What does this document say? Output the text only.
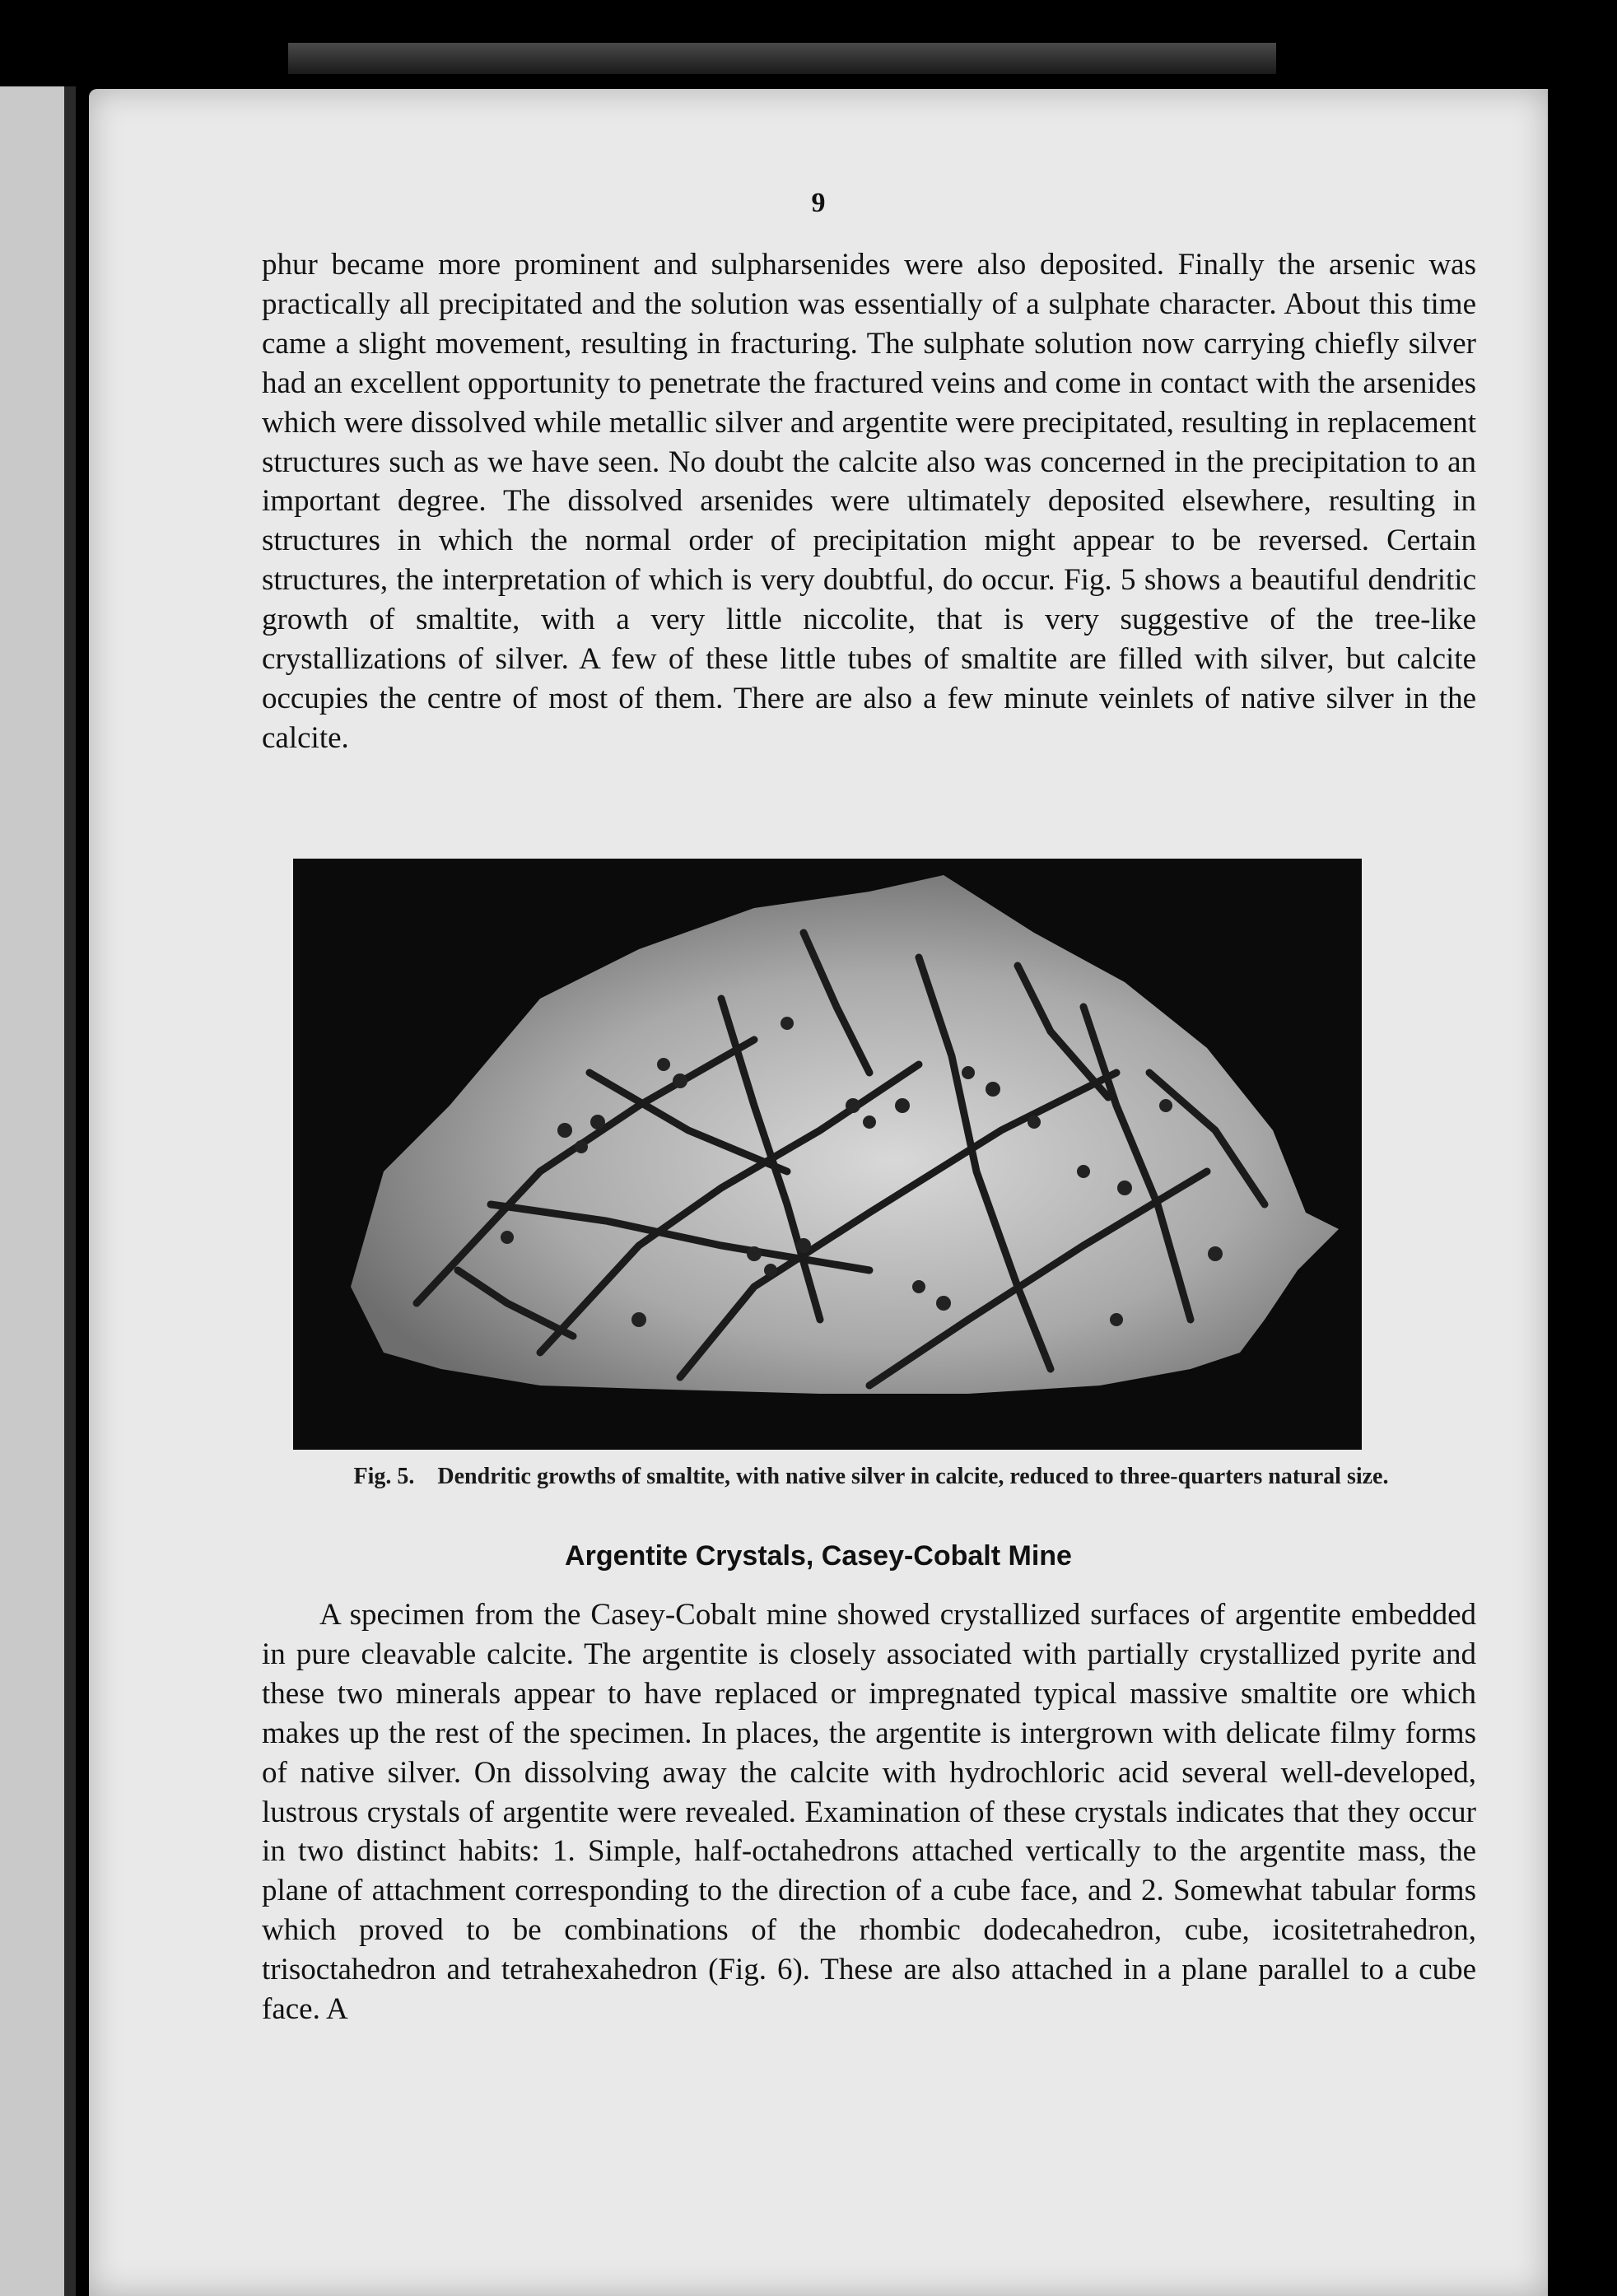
9

phur became more prominent and sulpharsenides were also deposited. Finally the arsenic was practically all precipitated and the solution was essentially of a sulphate character. About this time came a slight movement, resulting in fracturing. The sulphate solution now carrying chiefly silver had an excellent opportunity to penetrate the fractured veins and come in contact with the arsenides which were dissolved while metallic silver and argentite were precipitated, resulting in replacement structures such as we have seen. No doubt the calcite also was concerned in the precipitation to an important degree. The dissolved arsenides were ultimately deposited elsewhere, resulting in structures in which the normal order of precipitation might appear to be reversed. Certain structures, the interpretation of which is very doubtful, do occur. Fig. 5 shows a beautiful dendritic growth of smaltite, with a very little niccolite, that is very suggestive of the tree-like crystallizations of silver. A few of these little tubes of smaltite are filled with silver, but calcite occupies the centre of most of them. There are also a few minute veinlets of native silver in the calcite.

Fig. 5. Dendritic growths of smaltite, with native silver in calcite, reduced to three-quarters natural size.
Argentite Crystals, Casey-Cobalt Mine

A specimen from the Casey-Cobalt mine showed crystallized surfaces of argentite embedded in pure cleavable calcite. The argentite is closely associated with partially crystallized pyrite and these two minerals appear to have replaced or impregnated typical massive smaltite ore which makes up the rest of the specimen. In places, the argentite is intergrown with delicate filmy forms of native silver. On dissolving away the calcite with hydrochloric acid several well-developed, lustrous crystals of argentite were revealed. Examination of these crystals indicates that they occur in two distinct habits: 1. Simple, half-octahedrons attached vertically to the argentite mass, the plane of attachment corresponding to the direction of a cube face, and 2. Somewhat tabular forms which proved to be combinations of the rhombic dodecahedron, cube, icositetrahedron, trisoctahedron and tetrahexahedron (Fig. 6). These are also attached in a plane parallel to a cube face. A
